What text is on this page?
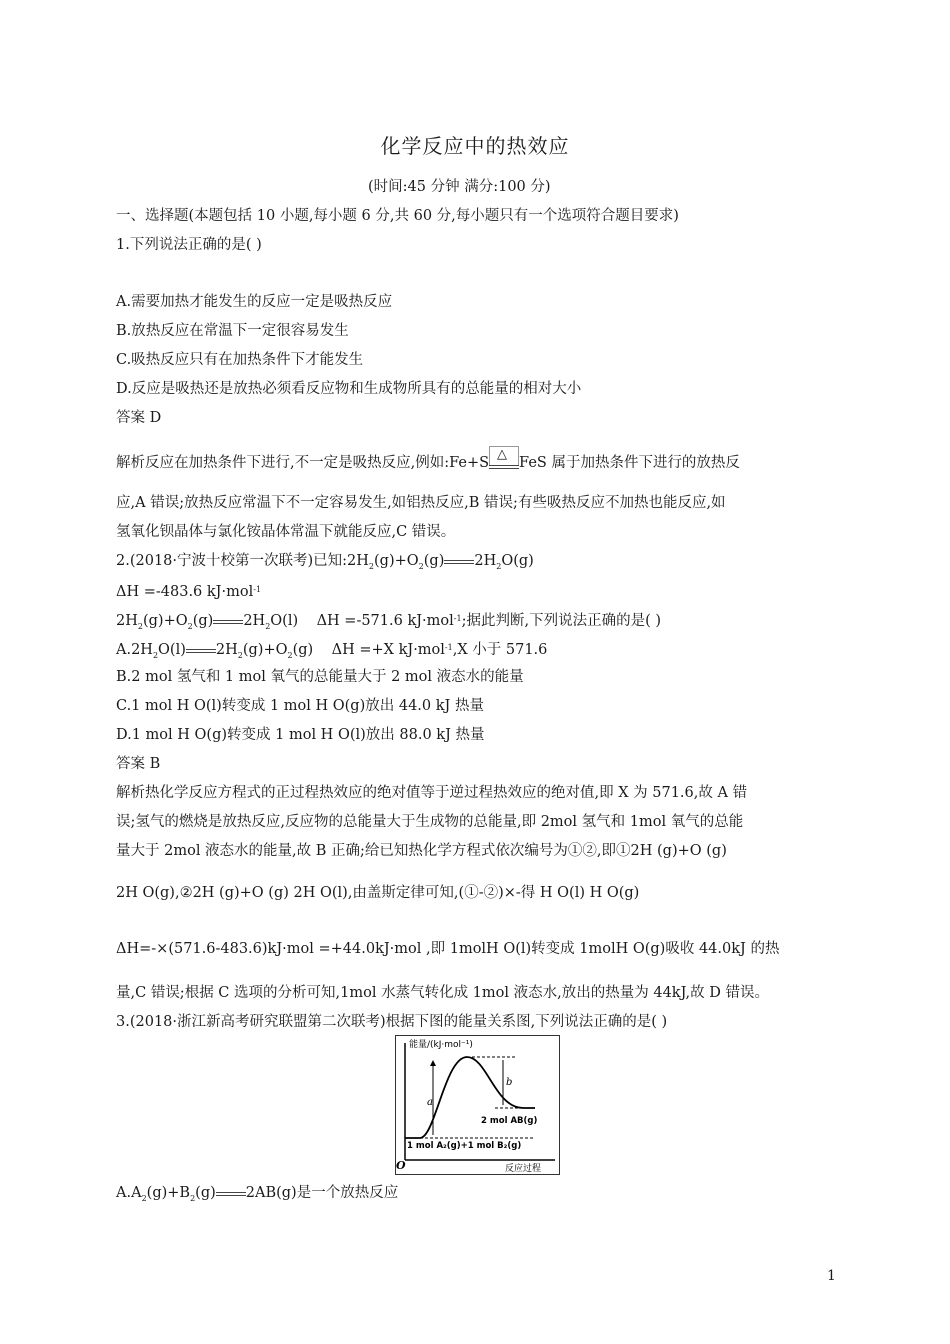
化学反应中的热效应
(时间:45 分钟 满分:100 分)
一、选择题(本题包括 10 小题,每小题 6 分,共 60 分,每小题只有一个选项符合题目要求)
1.下列说法正确的是( )
A.需要加热才能发生的反应一定是吸热反应
B.放热反应在常温下一定很容易发生
C.吸热反应只有在加热条件下才能发生
D.反应是吸热还是放热必须看反应物和生成物所具有的总能量的相对大小
答案 D
解析反应在加热条件下进行,不一定是吸热反应,例如:Fe+S
△
FeS 属于加热条件下进行的放热反
应,A 错误;放热反应常温下不一定容易发生,如铝热反应,B 错误;有些吸热反应不加热也能反应,如
氢氧化钡晶体与氯化铵晶体常温下就能反应,C 错误。
2.(2018·宁波十校第一次联考)已知$:2H_2(g)+O_2(g)$ $2H_2O(g)$
ΔH =-483.6 kJ·mol$^{-1}$
$2H_2(g)+O_2(g)$ $2H_2O(l)$    ΔH =-571.6 kJ·mol$^{-1}$;据此判断,下列说法正确的是( )
$A.2H_2O(l)$ $2H_2(g)+O_2(g)$    ΔH =+X kJ·mol$^{-1}$,X 小于 571.6
B.2 mol 氢气和 1 mol 氧气的总能量大于 2 mol 液态水的能量
C.1 mol H O(l)转变成 1 mol H O(g)放出 44.0 kJ 热量
D.1 mol H O(g)转变成 1 mol H O(l)放出 88.0 kJ 热量
答案 B
解析热化学反应方程式的正过程热效应的绝对值等于逆过程热效应的绝对值,即 X 为 571.6,故 A 错
误;氢气的燃烧是放热反应,反应物的总能量大于生成物的总能量,即 2mol 氢气和 1mol 氧气的总能
量大于 2mol 液态水的能量,故 B 正确;给已知热化学方程式依次编号为①②,即①2H (g)+O (g)
2H O(g),②2H (g)+O (g) 2H O(l),由盖斯定律可知,(①-②)×-得 H O(l) H O(g)
ΔH=-×(571.6-483.6)kJ·mol =+44.0kJ·mol ,即 1molH O(l)转变成 1molH O(g)吸收 44.0kJ 的热
量,C 错误;根据 C 选项的分析可知,1mol 水蒸气转化成 1mol 液态水,放出的热量为 44kJ,故 D 错误。
3.(2018·浙江新高考研究联盟第二次联考)根据下图的能量关系图,下列说法正确的是( )
能量/(kJ·mol⁻¹)
反应过程
O
a
b
2 mol AB(g)
1 mol A₂(g)+1 mol B₂(g)
$A.A_2(g)+B_2(g)$ 2AB(g)是一个放热反应
1
